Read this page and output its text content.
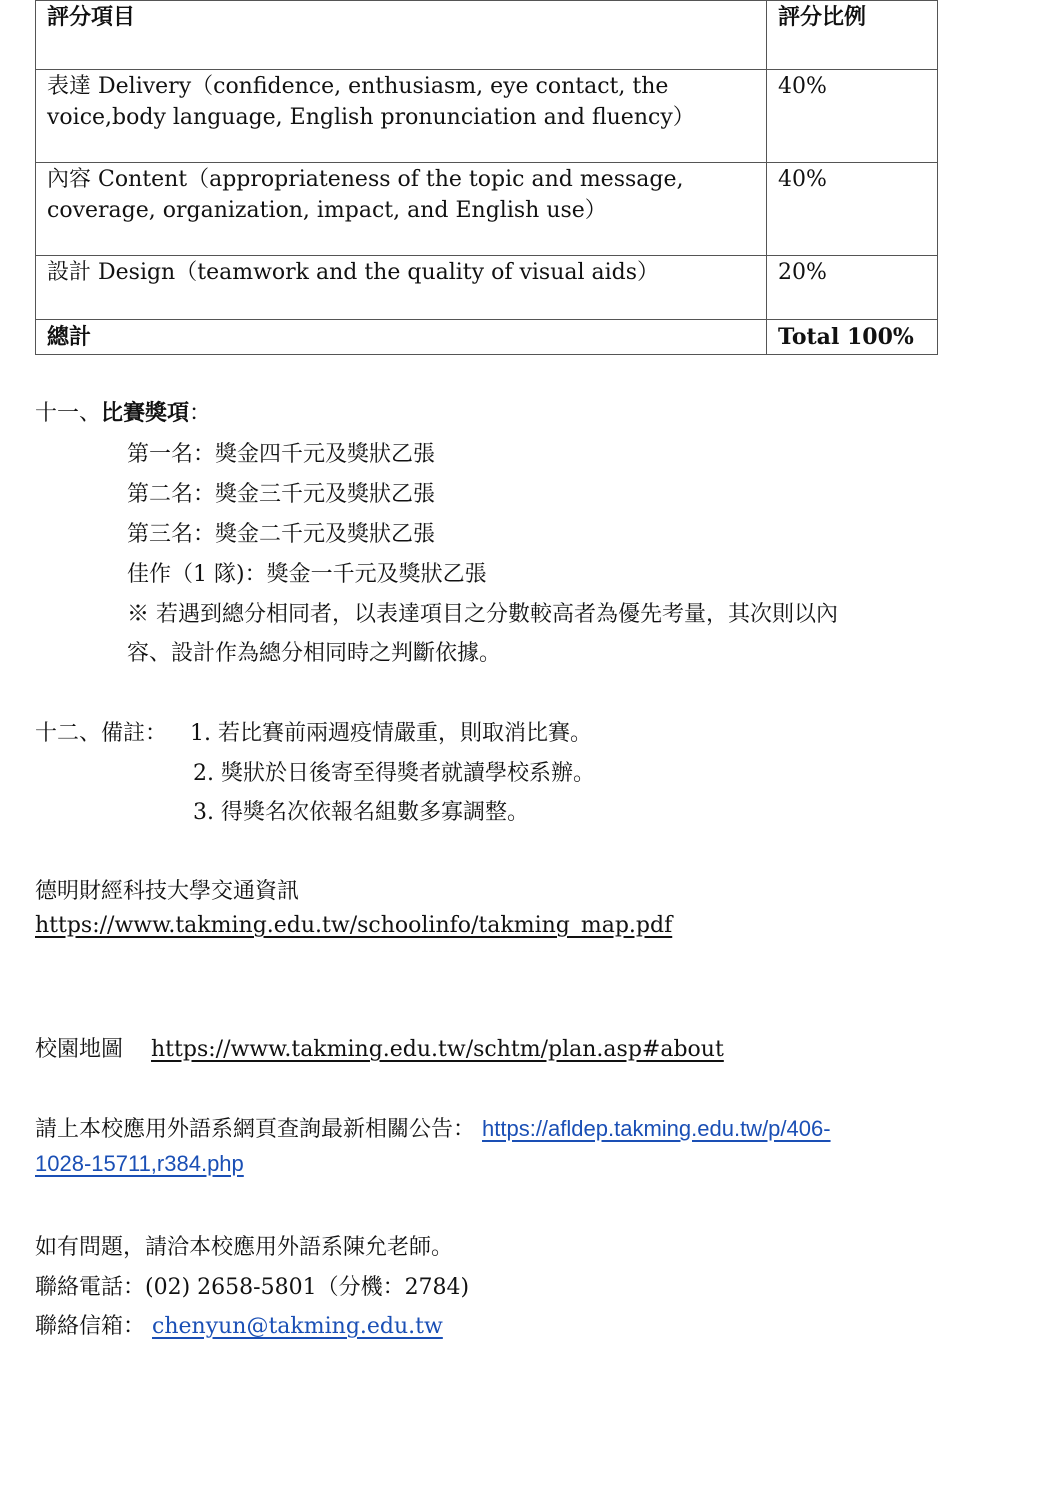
評分項目	評分比例

表達 Delivery（confidence, enthusiasm, eye contact, the
voice,body language, English pronunciation and fluency）	40%

內容 Content（appropriateness of the topic and message,
coverage, organization, impact, and English use）	40%

設計 Design（teamwork and the quality of visual aids）	20%
總計	Total 100%
十一、比賽獎項：
第一名：獎金四千元及獎狀乙張
第二名：獎金三千元及獎狀乙張
第三名：獎金二千元及獎狀乙張
佳作（1 隊)：獎金一千元及獎狀乙張
※ 若遇到總分相同者，以表達項目之分數較高者為優先考量，其次則以內
容、設計作為總分相同時之判斷依據。
十二、備註： 1. 若比賽前兩週疫情嚴重，則取消比賽。
2. 獎狀於日後寄至得獎者就讀學校系辦。
3. 得獎名次依報名組數多寡調整。
德明財經科技大學交通資訊
https://www.takming.edu.tw/schoolinfo/takming_map.pdf
校園地圖 https://www.takming.edu.tw/schtm/plan.asp#about
請上本校應用外語系網頁查詢最新相關公告： https://afldep.takming.edu.tw/p/406-
1028-15711,r384.php
如有問題，請洽本校應用外語系陳允老師。
聯絡電話：(02) 2658-5801（分機：2784)
聯絡信箱： chenyun@takming.edu.tw
